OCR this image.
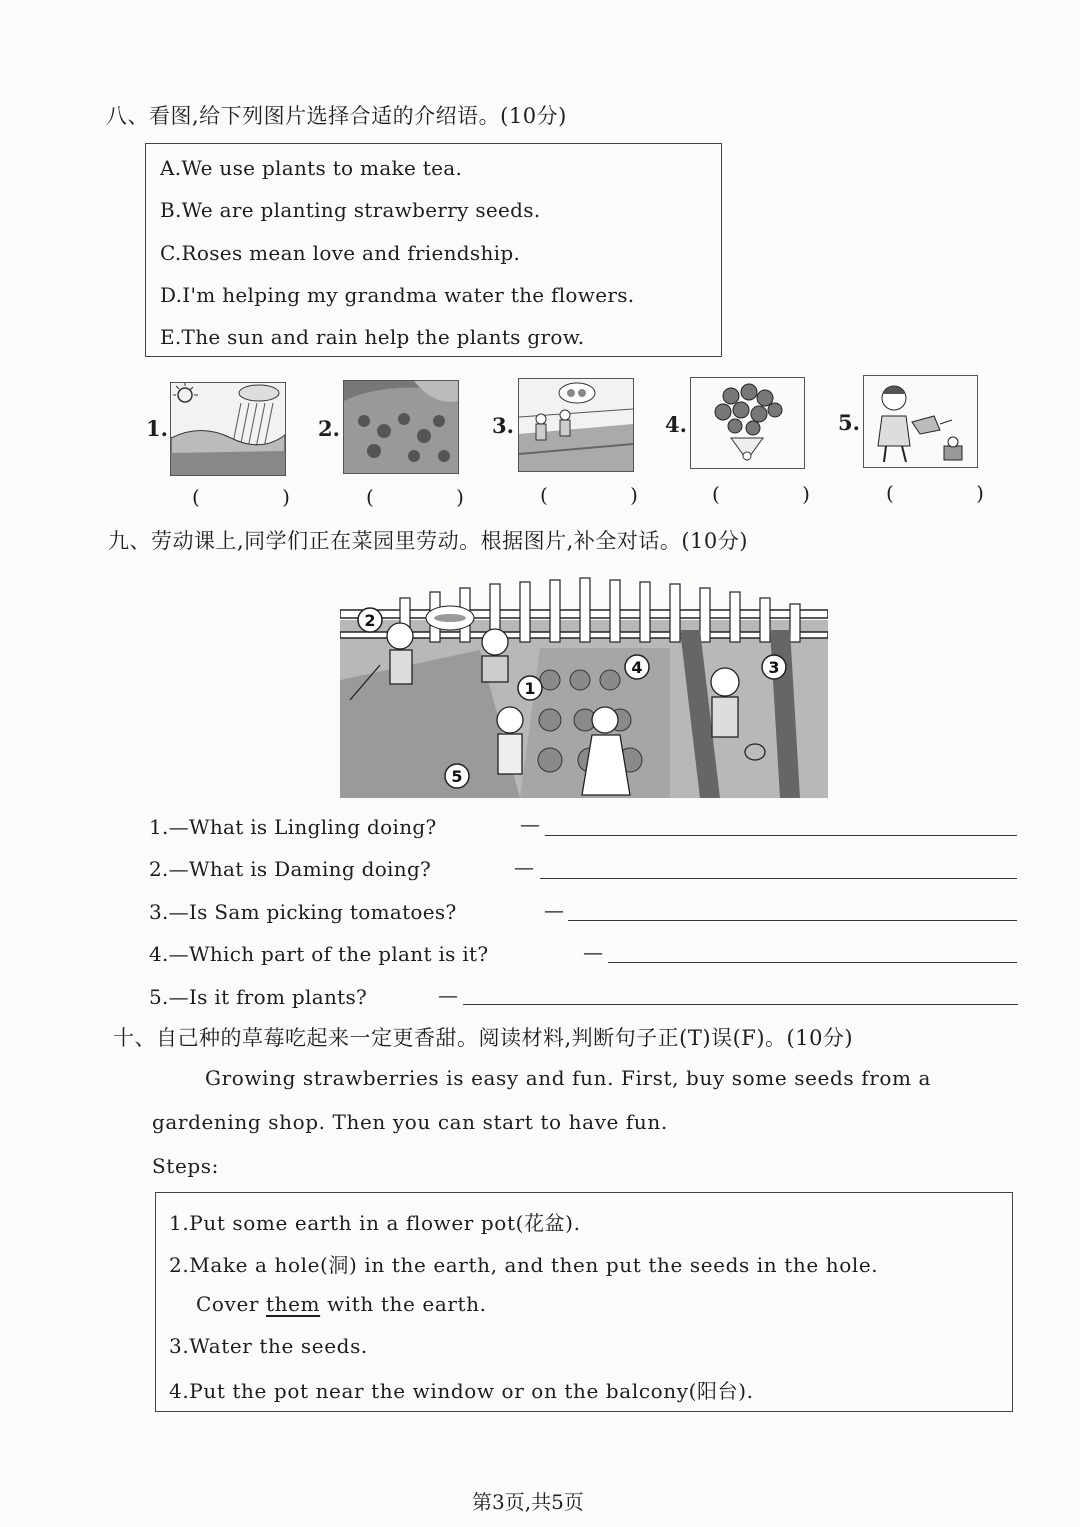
八、看图,给下列图片选择合适的介绍语。(10分)
A.We use plants to make tea.
B.We are planting strawberry seeds.
C.Roses mean love and friendship.
D.I'm helping my grandma water the flowers.
E.The sun and rain help the plants grow.
1.	2.	3.	4.	5.
( ) ( ) ( ) ( ) ( )
九、劳动课上,同学们正在菜园里劳动。根据图片,补全对话。(10分)
1
2
3
4
5
1.—What is Lingling doing?	—
2.—What is Daming doing?	—
3.—Is Sam picking tomatoes?	—
4.—Which part of the plant is it?	—
5.—Is it from plants?	—
十、自己种的草莓吃起来一定更香甜。阅读材料,判断句子正(T)误(F)。(10分)
Growing strawberries is easy and fun. First, buy some seeds from a
gardening shop. Then you can start to have fun.
Steps:
1.Put some earth in a flower pot(花盆).
2.Make a hole(洞) in the earth, and then put the seeds in the hole.
Cover them with the earth.
3.Water the seeds.
4.Put the pot near the window or on the balcony(阳台).
第3页,共5页
